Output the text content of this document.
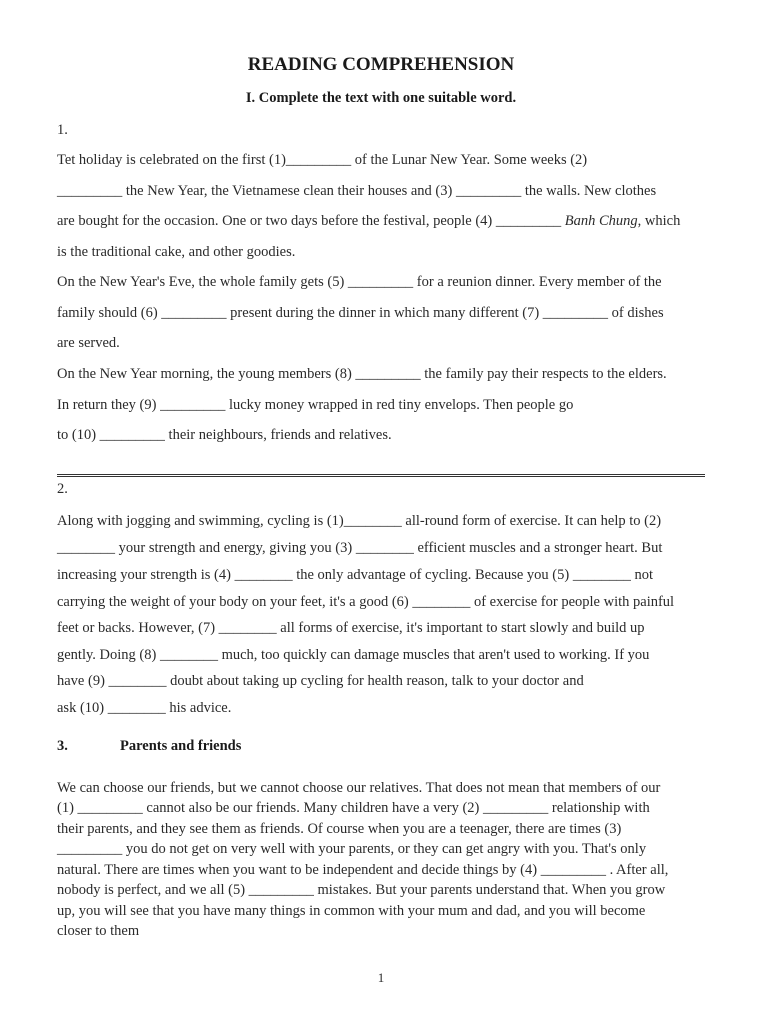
READING COMPREHENSION
I. Complete the text with one suitable word.

1.

Tet holiday is celebrated on the first (1)_________ of the Lunar New Year. Some weeks (2)

_________ the New Year, the Vietnamese clean their houses and (3) _________ the walls. New clothes

are bought for the occasion. One or two days before the festival, people (4) _________ Banh Chung, which

is the traditional cake, and other goodies.

On the New Year's Eve, the whole family gets (5) _________ for a reunion dinner. Every member of the

family should (6) _________ present during the dinner in which many different (7) _________ of dishes

are served.

On the New Year morning, the young members (8) _________ the family pay their respects to the elders.

In return they (9) _________ lucky money wrapped in red tiny envelops. Then people go

to (10) _________ their neighbours, friends and relatives.

2.

Along with jogging and swimming, cycling is (1)________ all-round form of exercise. It can help to (2)

________ your strength and energy, giving you (3) ________ efficient muscles and a stronger heart. But

increasing your strength is (4) ________ the only advantage of cycling. Because you (5) ________ not

carrying the weight of your body on your feet, it's a good (6) ________ of exercise for people with painful

feet or backs. However, (7) ________ all forms of exercise, it's important to start slowly and build up

gently. Doing (8) ________ much, too quickly can damage muscles that aren't used to working. If you

have (9) ________ doubt about taking up cycling for health reason, talk to your doctor and

ask (10) ________ his advice.

3.	Parents and friends

We can choose our friends, but we cannot choose our relatives. That does not mean that members of our

(1) _________ cannot also be our friends. Many children have a very (2) _________ relationship with

their parents, and they see them as friends. Of course when you are a teenager, there are times (3)

_________ you do not get on very well with your parents, or they can get angry with you. That's only

natural. There are times when you want to be independent and decide things by (4) _________ . After all,

nobody is perfect, and we all (5) _________ mistakes. But your parents understand that. When you grow

up, you will see that you have many things in common with your mum and dad, and you will become

closer to them

1
